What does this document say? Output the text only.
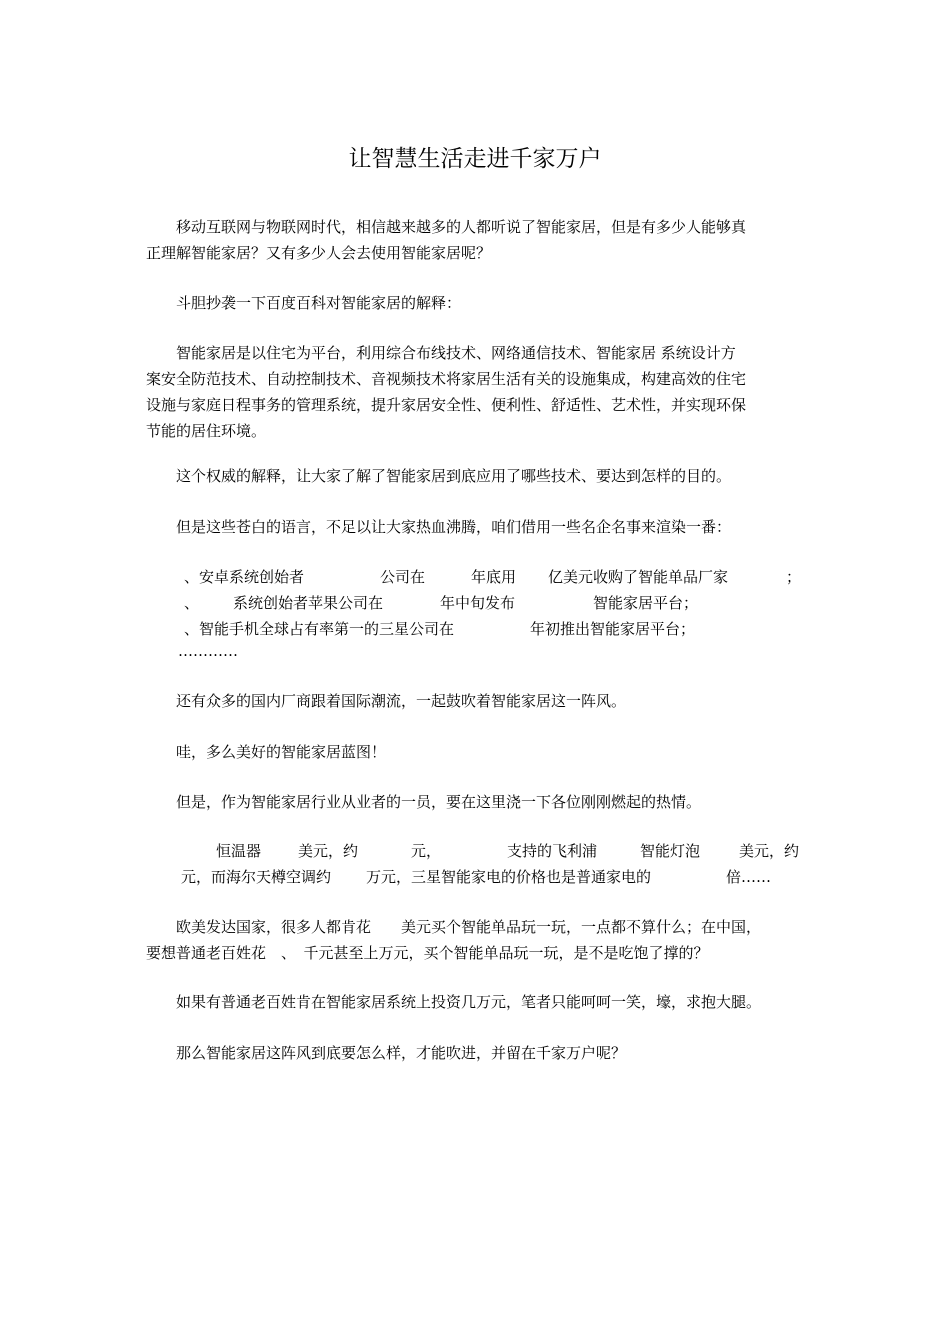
让智慧生活走进千家万户

　　移动互联网与物联网时代，相信越来越多的人都听说了智能家居，但是有多少人能够真

正理解智能家居？又有多少人会去使用智能家居呢？

　　斗胆抄袭一下百度百科对智能家居的解释：

　　智能家居是以住宅为平台，利用综合布线技术、网络通信技术、智能家居 系统设计方

案安全防范技术、自动控制技术、音视频技术将家居生活有关的设施集成，构建高效的住宅

设施与家庭日程事务的管理系统，提升家居安全性、便利性、舒适性、艺术性，并实现环保

节能的居住环境。

　　这个权威的解释，让大家了解了智能家居到底应用了哪些技术、要达到怎样的目的。

　　但是这些苍白的语言，不足以让大家热血沸腾，咱们借用一些名企名事来渲染一番：

、安卓系统创始者	公司在	年底用 亿美元收购了智能单品厂家	；
、 系统创始者苹果公司在	年中旬发布	智能家居平台；
、智能手机全球占有率第一的三星公司在	年初推出智能家居平台；
…………

　　还有众多的国内厂商跟着国际潮流，一起鼓吹着智能家居这一阵风。

　　哇，多么美好的智能家居蓝图！

　　但是，作为智能家居行业从业者的一员，要在这里浇一下各位刚刚燃起的热情。

恒温器 美元，约	元，	支持的飞利浦	智能灯泡	美元，约
元，而海尔天樽空调约 万元，三星智能家电的价格也是普通家电的	倍……

　　欧美发达国家，很多人都肯花　　美元买个智能单品玩一玩，一点都不算什么；在中国，

要想普通老百姓花　、　千元甚至上万元，买个智能单品玩一玩，是不是吃饱了撑的？

　　如果有普通老百姓肯在智能家居系统上投资几万元，笔者只能呵呵一笑，壕，求抱大腿。

　　那么智能家居这阵风到底要怎么样，才能吹进，并留在千家万户呢？
